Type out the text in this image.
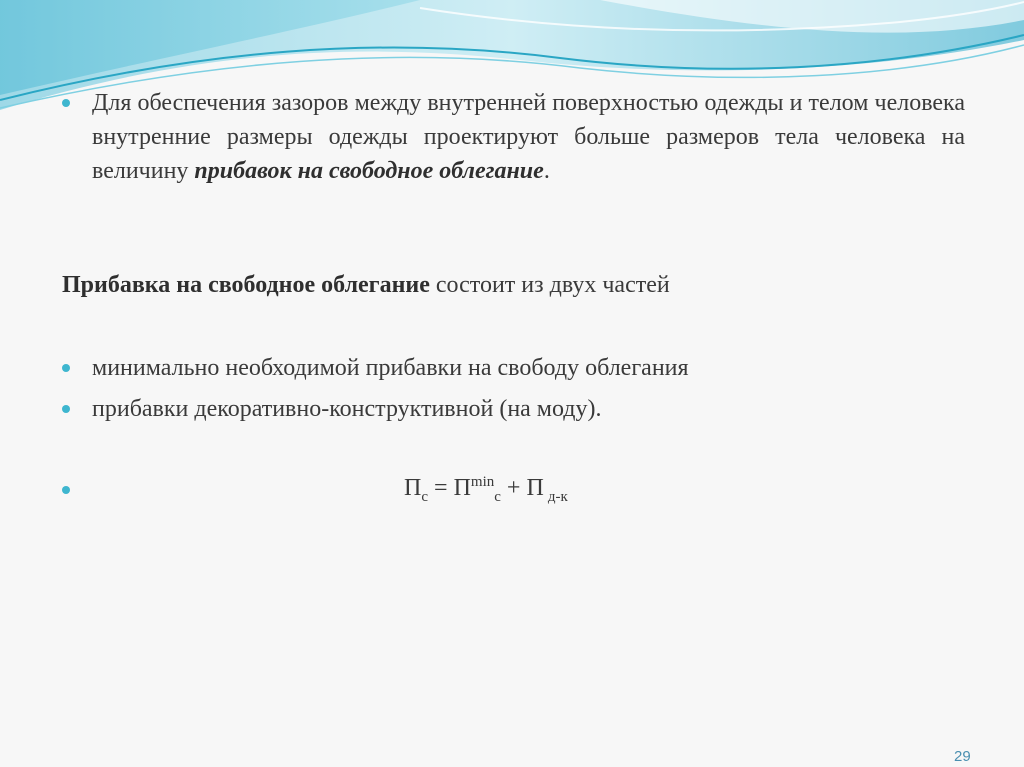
Для обеспечения зазоров между внутренней поверхностью одежды и телом человека внутренние размеры одежды проектируют больше размеров тела человека на величину прибавок на свободное облегание.
Прибавка на свободное облегание состоит из двух частей
минимально необходимой прибавки на свободу облегания
прибавки декоративно-конструктивной (на моду).
$П_с = П^{min}_с + П$ $_{д-к}$
29
